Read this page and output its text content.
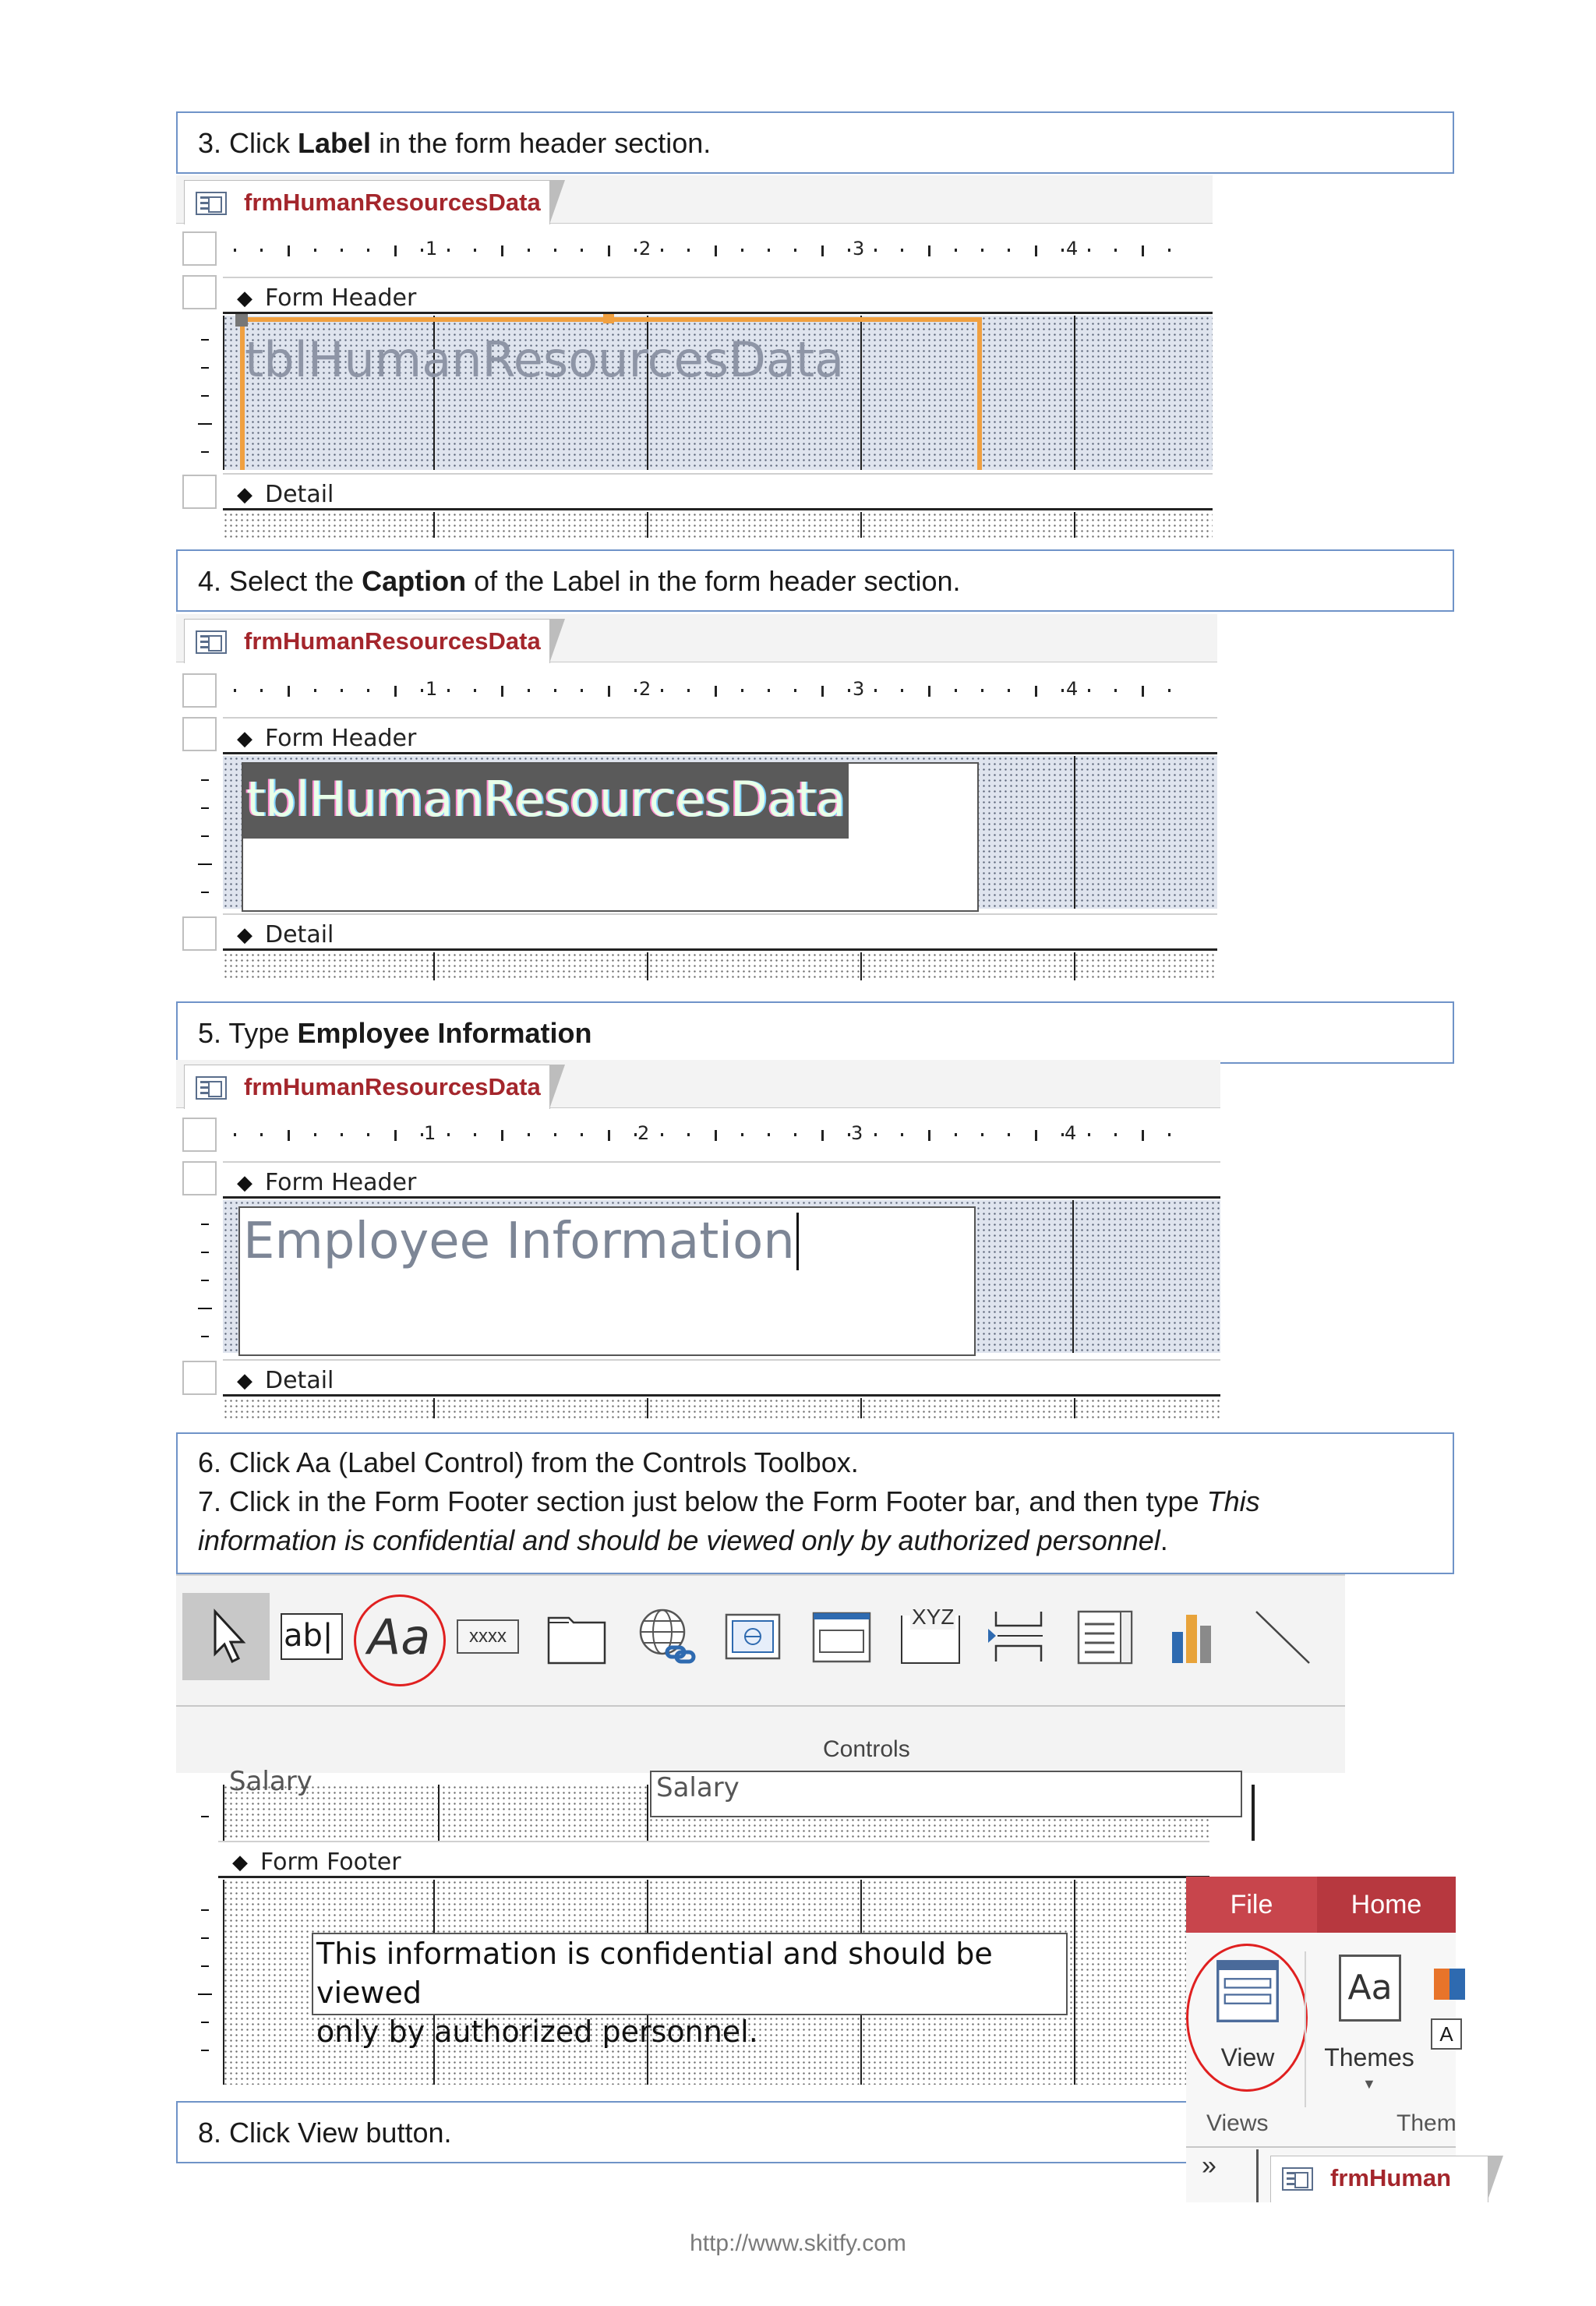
3. Click Label in the form header section.
frmHumanResourcesData
1	2	3	4
◆ Form Header
tblHumanResourcesData
◆ Detail
4. Select the Caption of the Label in the form header section.
frmHumanResourcesData
1	2	3	4
◆ Form Header
tblHumanResourcesData
◆ Detail
5. Type Employee Information
frmHumanResourcesData
1	2	3	4
◆ Form Header
Employee Information
◆ Detail
6. Click Aa (Label Control) from the Controls Toolbox.
7. Click in the Form Footer section just below the Form Footer bar, and then type This
information is confidential and should be viewed only by authorized personnel.
ab| Aa	xxxx
XYZ
Controls
Salary	Salary
◆ Form Footer
This information is confidential and should be viewed
only by authorized personnel.
8. Click View button.
File	Home
View
Aa
Themes
▼
A
Views	Them
»	frmHuman
http://www.skitfy.com
